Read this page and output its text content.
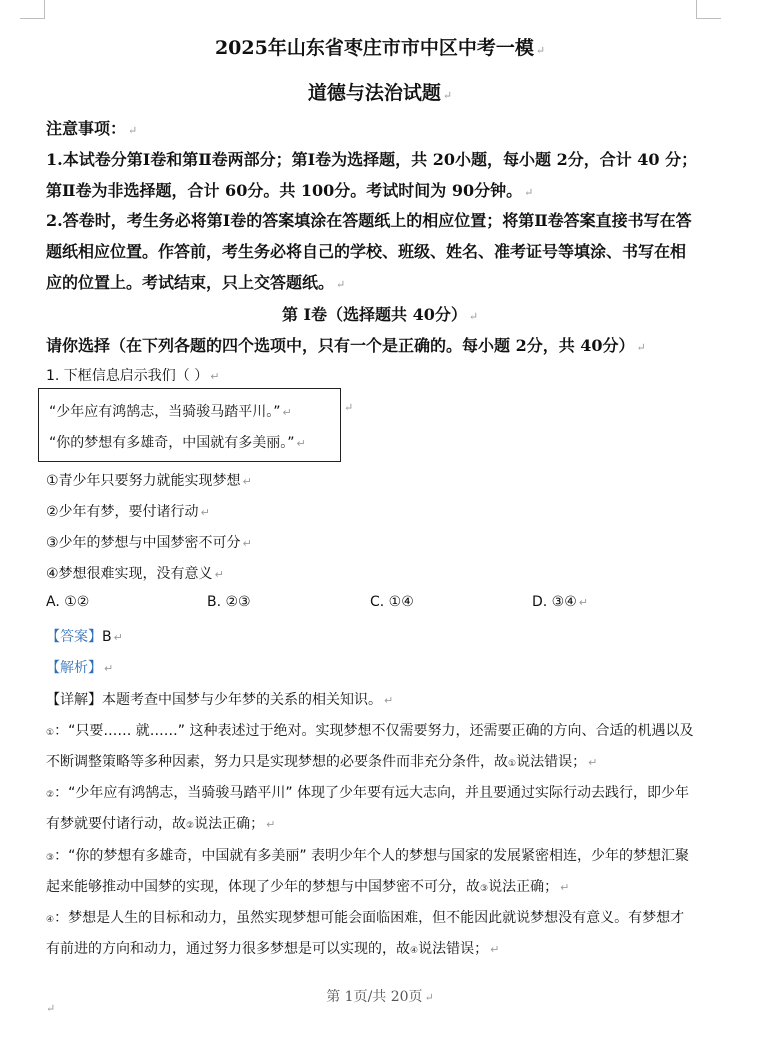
2025年山东省枣庄市市中区中考一模 ↵
道德与法治试题 ↵
注意事项： ↵
1.本试卷分第Ⅰ卷和第Ⅱ卷两部分；第Ⅰ卷为选择题，共 20小题，每小题 2分，合计 40 分；
第Ⅱ卷为非选择题，合计 60分。共 100分。考试时间为 90分钟。 ↵
2.答卷时，考生务必将第Ⅰ卷的答案填涂在答题纸上的相应位置；将第Ⅱ卷答案直接书写在答
题纸相应位置。作答前，考生务必将自己的学校、班级、姓名、准考证号等填涂、书写在相
应的位置上。考试结束，只上交答题纸。 ↵
第 I卷（选择题共 40分） ↵
请你选择（在下列各题的四个选项中，只有一个是正确的。每小题 2分，共 40分） ↵
1. 下框信息启示我们（ ） ↵
“少年应有鸿鹄志，当骑骏马踏平川。” ↵
“你的梦想有多雄奇，中国就有多美丽。” ↵
↵
①青少年只要努力就能实现梦想 ↵
②少年有梦，要付诸行动 ↵
③少年的梦想与中国梦密不可分 ↵
④梦想很难实现，没有意义 ↵
A. ①②	B. ②③	C. ①④	D. ③④ ↵
【答案】B ↵
【解析】 ↵
【详解】本题考查中国梦与少年梦的关系的相关知识。 ↵
①：“只要…… 就……” 这种表述过于绝对。实现梦想不仅需要努力，还需要正确的方向、合适的机遇以及
不断调整策略等多种因素，努力只是实现梦想的必要条件而非充分条件，故①说法错误； ↵
②：“少年应有鸿鹄志，当骑骏马踏平川” 体现了少年要有远大志向，并且要通过实际行动去践行，即少年
有梦就要付诸行动，故②说法正确； ↵
③：“你的梦想有多雄奇，中国就有多美丽” 表明少年个人的梦想与国家的发展紧密相连，少年的梦想汇聚
起来能够推动中国梦的实现，体现了少年的梦想与中国梦密不可分，故③说法正确； ↵
④：梦想是人生的目标和动力，虽然实现梦想可能会面临困难，但不能因此就说梦想没有意义。有梦想才
有前进的方向和动力，通过努力很多梦想是可以实现的，故④说法错误； ↵
第 1页/共 20页 ↵
↵
